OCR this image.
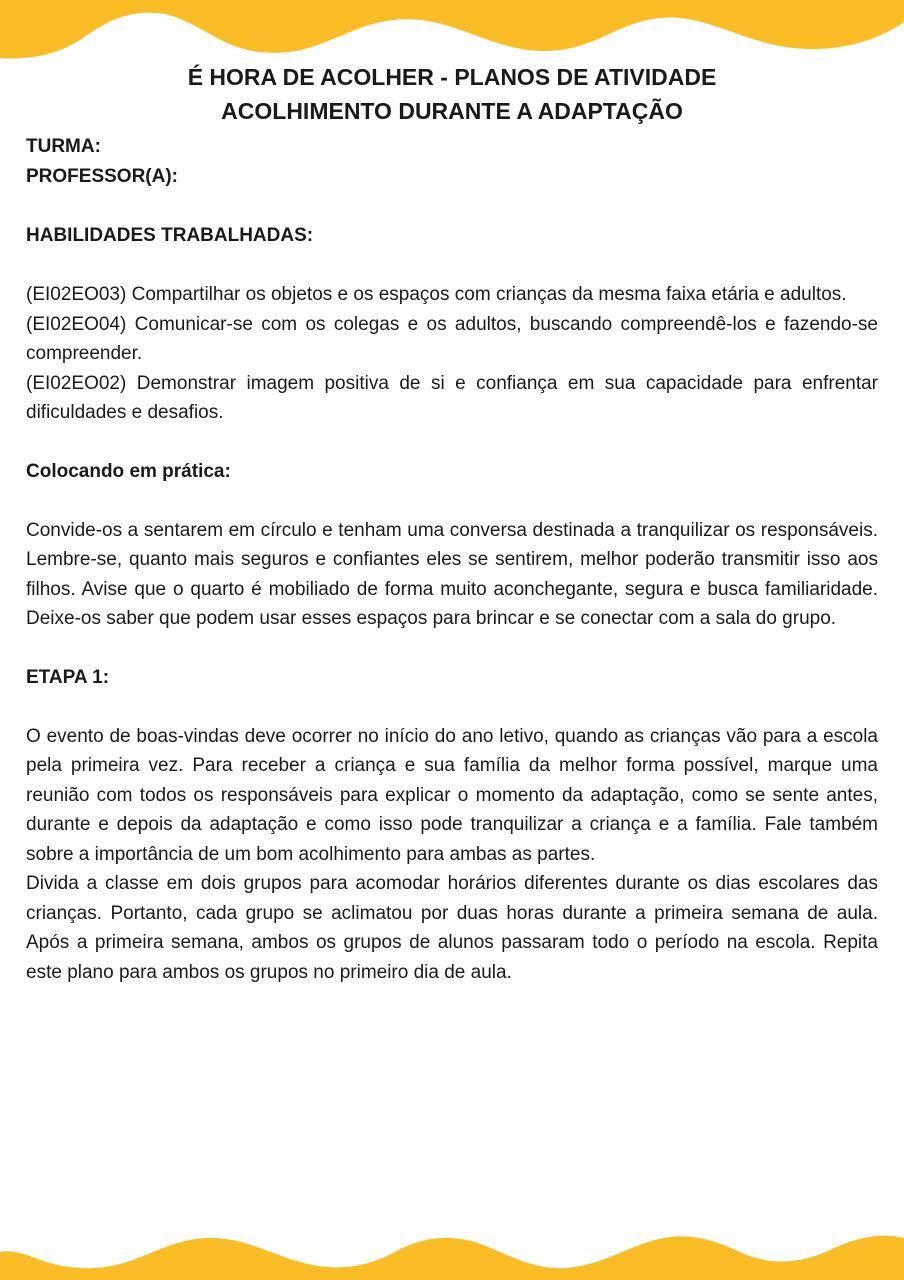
É HORA DE ACOLHER - PLANOS DE ATIVIDADE

ACOLHIMENTO DURANTE A ADAPTAÇÃO

TURMA:

PROFESSOR(A):

HABILIDADES TRABALHADAS:

(EI02EO03) Compartilhar os objetos e os espaços com crianças da mesma faixa etária e adultos.

(EI02EO04) Comunicar-se com os colegas e os adultos, buscando compreendê-los e fazendo-se compreender.

(EI02EO02) Demonstrar imagem positiva de si e confiança em sua capacidade para enfrentar dificuldades e desafios.

Colocando em prática:

Convide-os a sentarem em círculo e tenham uma conversa destinada a tranquilizar os responsáveis. Lembre-se, quanto mais seguros e confiantes eles se sentirem, melhor poderão transmitir isso aos filhos. Avise que o quarto é mobiliado de forma muito aconchegante, segura e busca familiaridade. Deixe-os saber que podem usar esses espaços para brincar e se conectar com a sala do grupo.

ETAPA 1:

O evento de boas-vindas deve ocorrer no início do ano letivo, quando as crianças vão para a escola pela primeira vez. Para receber a criança e sua família da melhor forma possível, marque uma reunião com todos os responsáveis para explicar o momento da adaptação, como se sente antes, durante e depois da adaptação e como isso pode tranquilizar a criança e a família. Fale também sobre a importância de um bom acolhimento para ambas as partes.

Divida a classe em dois grupos para acomodar horários diferentes durante os dias escolares das crianças. Portanto, cada grupo se aclimatou por duas horas durante a primeira semana de aula. Após a primeira semana, ambos os grupos de alunos passaram todo o período na escola. Repita este plano para ambos os grupos no primeiro dia de aula.
